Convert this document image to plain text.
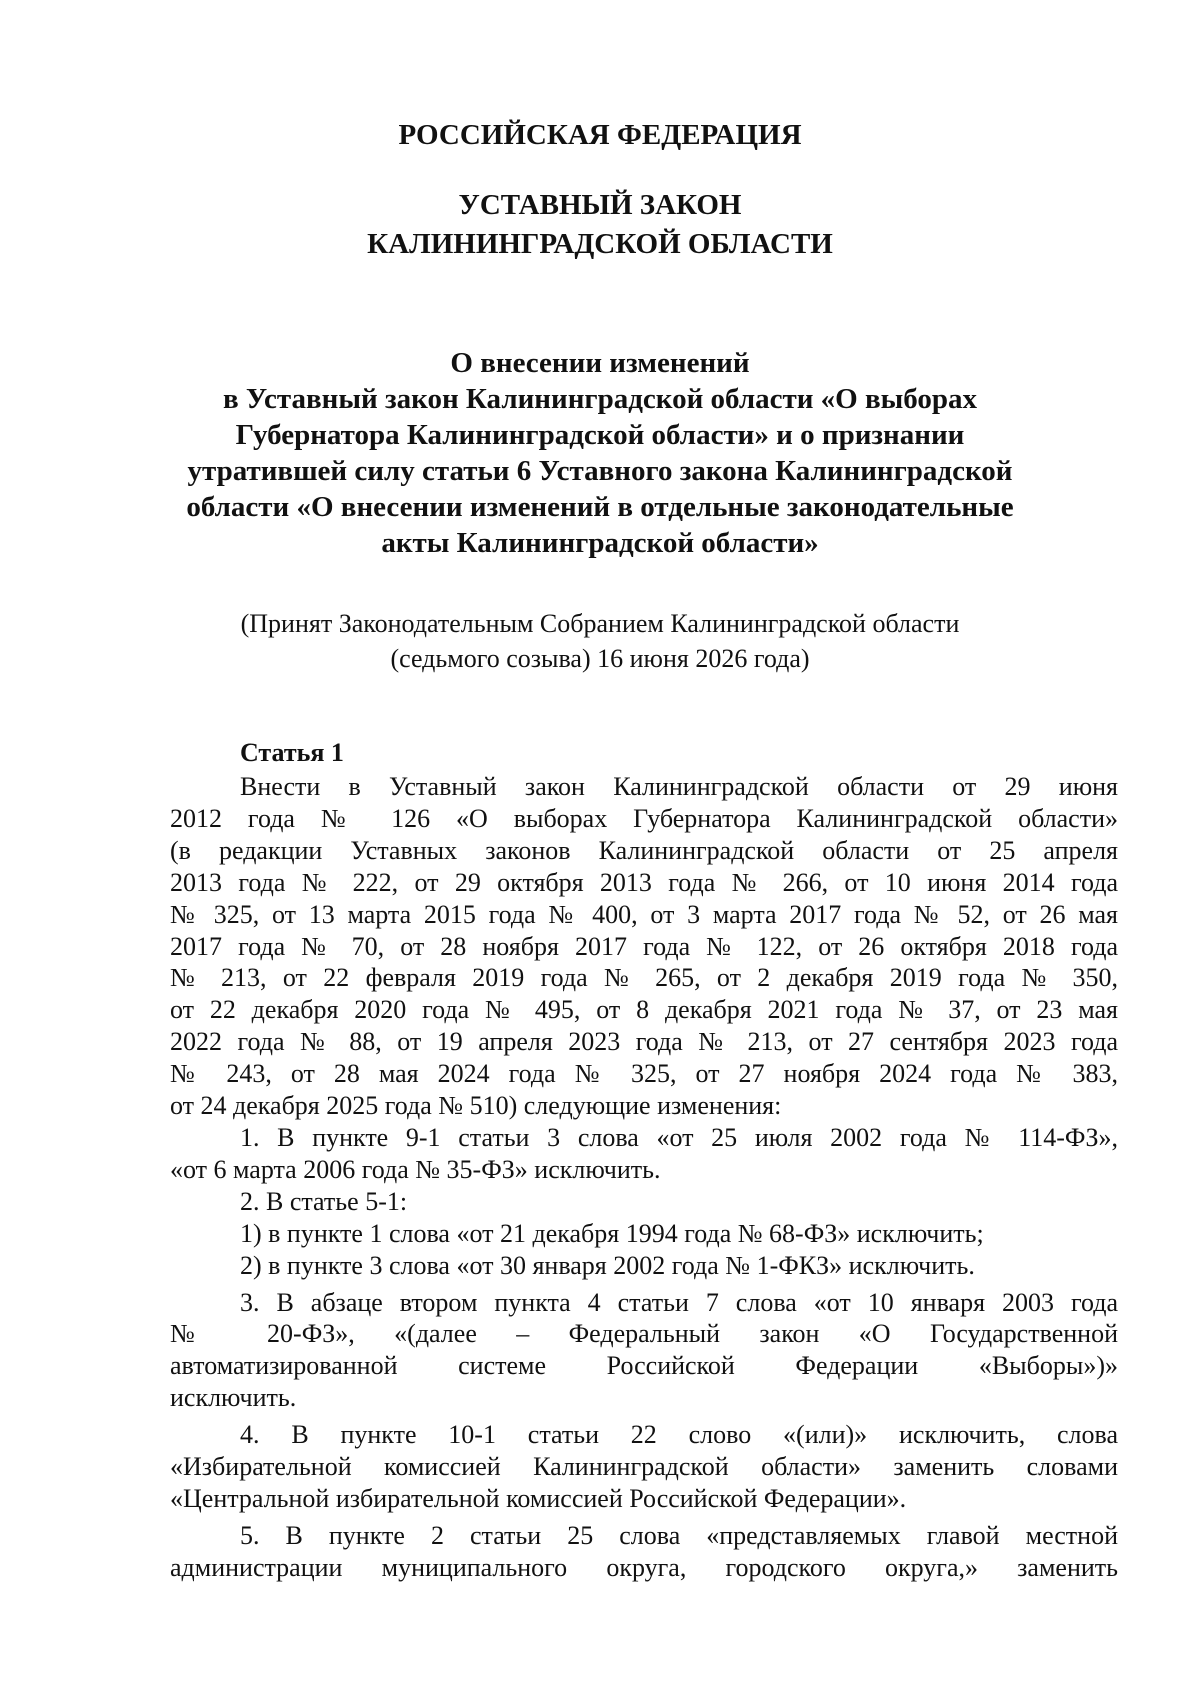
РОССИЙСКАЯ ФЕДЕРАЦИЯ
УСТАВНЫЙ ЗАКОН
КАЛИНИНГРАДСКОЙ ОБЛАСТИ
О внесении изменений
в Уставный закон Калининградской области «О выборах
Губернатора Калининградской области» и о признании
утратившей силу статьи 6 Уставного закона Калининградской
области «О внесении изменений в отдельные законодательные
акты Калининградской области»
(Принят Законодательным Собранием Калининградской области
(седьмого созыва) 16 июня 2026 года)
Статья 1

Внести в Уставный закон Калининградской области от 29 июня
2012 года № 126 «О выборах Губернатора Калининградской области»
(в редакции Уставных законов Калининградской области от 25 апреля
2013 года № 222, от 29 октября 2013 года № 266, от 10 июня 2014 года
№ 325, от 13 марта 2015 года № 400, от 3 марта 2017 года № 52, от 26 мая
2017 года № 70, от 28 ноября 2017 года № 122, от 26 октября 2018 года
№ 213, от 22 февраля 2019 года № 265, от 2 декабря 2019 года № 350,
от 22 декабря 2020 года № 495, от 8 декабря 2021 года № 37, от 23 мая
2022 года № 88, от 19 апреля 2023 года № 213, от 27 сентября 2023 года
№ 243, от 28 мая 2024 года № 325, от 27 ноября 2024 года № 383,
от 24 декабря 2025 года № 510) следующие изменения:

1. В пункте 9-1 статьи 3 слова «от 25 июля 2002 года № 114-ФЗ»,
«от 6 марта 2006 года № 35-ФЗ» исключить.

2. В статье 5-1:

1) в пункте 1 слова «от 21 декабря 1994 года № 68-ФЗ» исключить;

2) в пункте 3 слова «от 30 января 2002 года № 1-ФКЗ» исключить.

3. В абзаце втором пункта 4 статьи 7 слова «от 10 января 2003 года
№ 20-ФЗ», «(далее – Федеральный закон «О Государственной
автоматизированной системе Российской Федерации «Выборы»)»
исключить.

4. В пункте 10-1 статьи 22 слово «(или)» исключить, слова
«Избирательной комиссией Калининградской области» заменить словами
«Центральной избирательной комиссией Российской Федерации».

5. В пункте 2 статьи 25 слова «представляемых главой местной
администрации муниципального округа, городского округа,» заменить
